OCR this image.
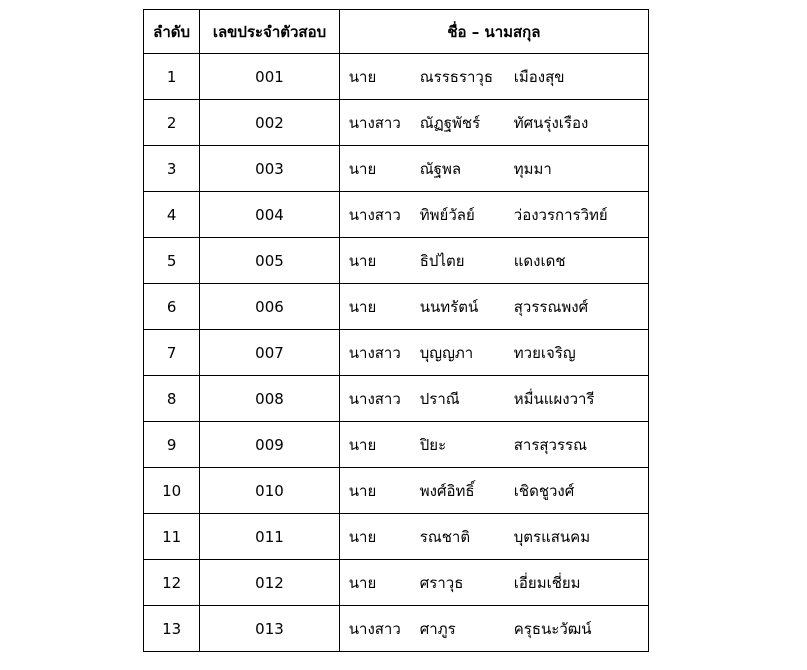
ลำดับ	เลขประจำตัวสอบ	ชื่อ – นามสกุล
1	001	นาย ณรรธราวุธ เมืองสุข

2	002	นางสาว ณัฏฐพัชร์ ทัศนรุ่งเรือง

3	003	นาย ณัฐพล ทุมมา

4	004	นางสาว ทิพย์วัลย์ ว่องวรการวิทย์

5	005	นาย ธิปไตย แดงเดช

6	006	นาย นนทรัตน์ สุวรรณพงศ์

7	007	นางสาว บุญญภา ทวยเจริญ

8	008	นางสาว ปราณี หมื่นแผงวารี

9	009	นาย ปิยะ สารสุวรรณ

10	010	นาย พงศ์อิทธิ์ เชิดชูวงศ์

11	011	นาย รณชาติ บุตรแสนคม

12	012	นาย ศราวุธ เอี่ยมเชี่ยม

13	013	นางสาว ศาภูร ครุธนะวัฒน์
